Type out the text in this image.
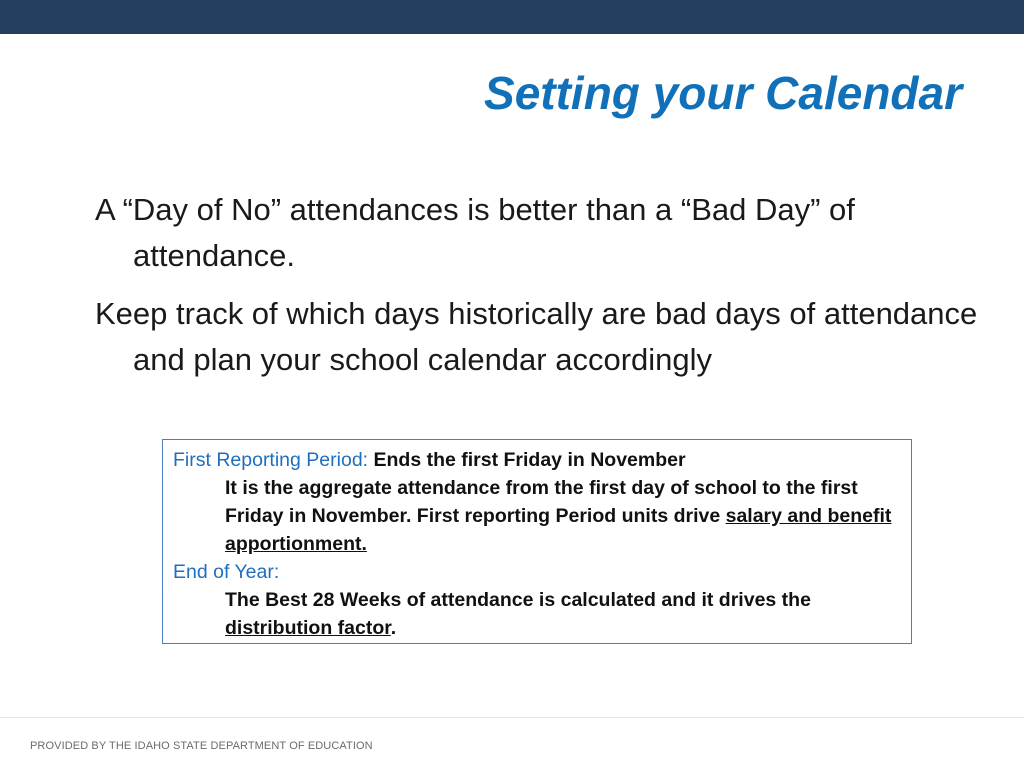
Setting your Calendar
A “Day of No” attendances is better than a “Bad Day” of attendance.
Keep track of which days historically are bad days of attendance and plan your school calendar accordingly
First Reporting Period: Ends the first Friday in November
It is the aggregate attendance from the first day of school to the first Friday in November. First reporting Period units drive salary and benefit apportionment.
End of Year:
The Best 28 Weeks of attendance is calculated and it drives the distribution factor.
PROVIDED BY THE IDAHO STATE DEPARTMENT OF EDUCATION
